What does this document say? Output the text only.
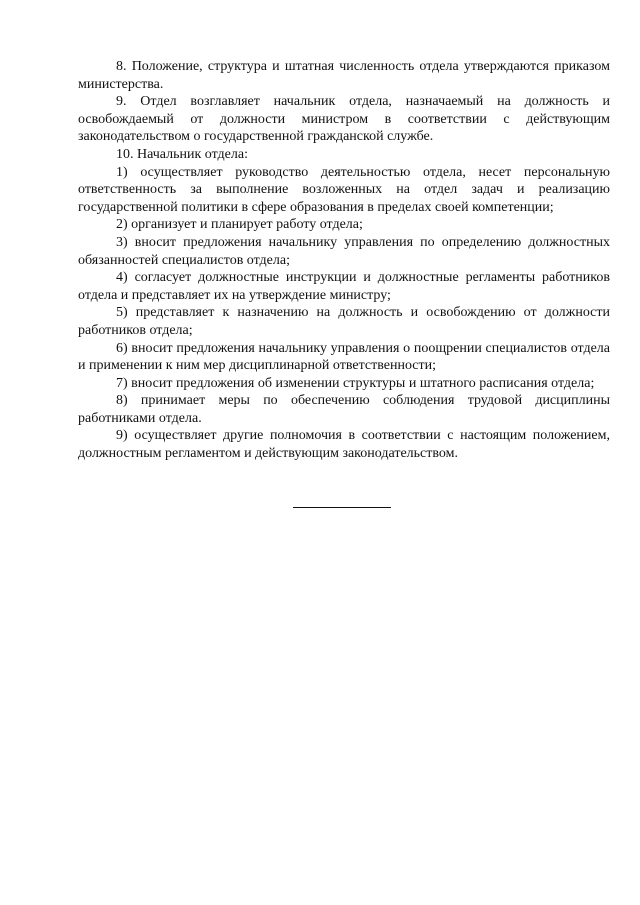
8. Положение, структура и штатная численность отдела утверждаются приказом министерства.

9. Отдел возглавляет начальник отдела, назначаемый на должность и освобождаемый от должности министром в соответствии с действующим законодательством о государственной гражданской службе.

10. Начальник отдела:

1) осуществляет руководство деятельностью отдела, несет персональную ответственность за выполнение возложенных на отдел задач и реализацию государственной политики в сфере образования в пределах своей компетенции;

2) организует и планирует работу отдела;

3) вносит предложения начальнику управления по определению должностных обязанностей специалистов отдела;

4) согласует должностные инструкции и должностные регламенты работников отдела и представляет их на утверждение министру;

5) представляет к назначению на должность и освобождению от должности работников отдела;

6) вносит предложения начальнику управления о поощрении специалистов отдела и применении к ним мер дисциплинарной ответственности;

7) вносит предложения об изменении структуры и штатного расписания отдела;

8) принимает меры по обеспечению соблюдения трудовой дисциплины работниками отдела.

9) осуществляет другие полномочия в соответствии с настоящим положением, должностным регламентом и действующим законодательством.
